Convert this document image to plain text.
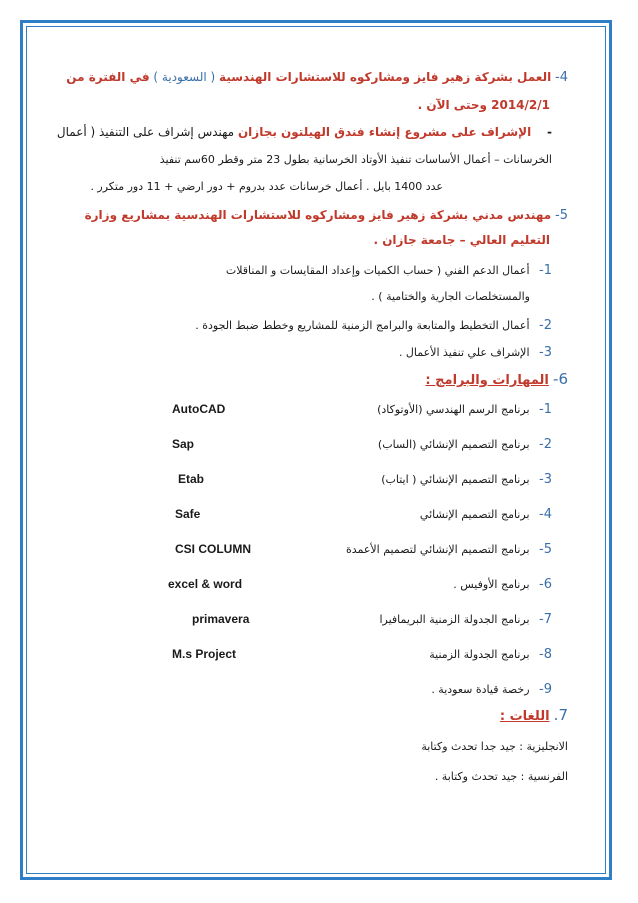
4- العمل بشركة زهير فايز ومشاركوه للاستشارات الهندسية ( السعودية ) في الفترة من
2014/2/1 وحتى الآن .
- الإشراف على مشروع إنشاء فندق الهيلتون بجازان مهندس إشراف على التنفيذ ( أعمال
الخرسانات – أعمال الأساسات تنفيذ الأوتاد الخرسانية بطول 23 متر وقطر 60سم تنفيذ
عدد 1400 بايل . أعمال خرسانات عدد بدروم + دور ارضي + 11 دور متكرر .
5- مهندس مدني بشركة زهير فايز ومشاركوه للاستشارات الهندسية بمشاريع وزارة
التعليم العالي – جامعة جازان .
1- أعمال الدعم الفني ( حساب الكميات وإعداد المقايسات و المناقلات
والمستخلصات الجارية والختامية ) .
2- أعمال التخطيط والمتابعة والبرامج الزمنية للمشاريع وخطط ضبط الجودة .
3- الإشراف علي تنفيذ الأعمال .
6- المهارات والبرامج :
1- برنامج الرسم الهندسي (الأوتوكاد)
AutoCAD
2- برنامج التصميم الإنشائي (الساب)
Sap
3- برنامج التصميم الإنشائي ( ايتاب)
Etab
4- برنامج التصميم الإنشائي
Safe
5- برنامج التصميم الإنشائي لتصميم الأعمدة
CSI COLUMN
6- برنامج الأوفيس .
excel & word
7- برنامج الجدولة الزمنية البريمافيرا
primavera
8- برنامج الجدولة الزمنية
M.s Project
9- رخصة قيادة سعودية .
7. اللغات :
الانجليزية : جيد جدا تحدث وكتابة
الفرنسية : جيد تحدث وكتابة .
